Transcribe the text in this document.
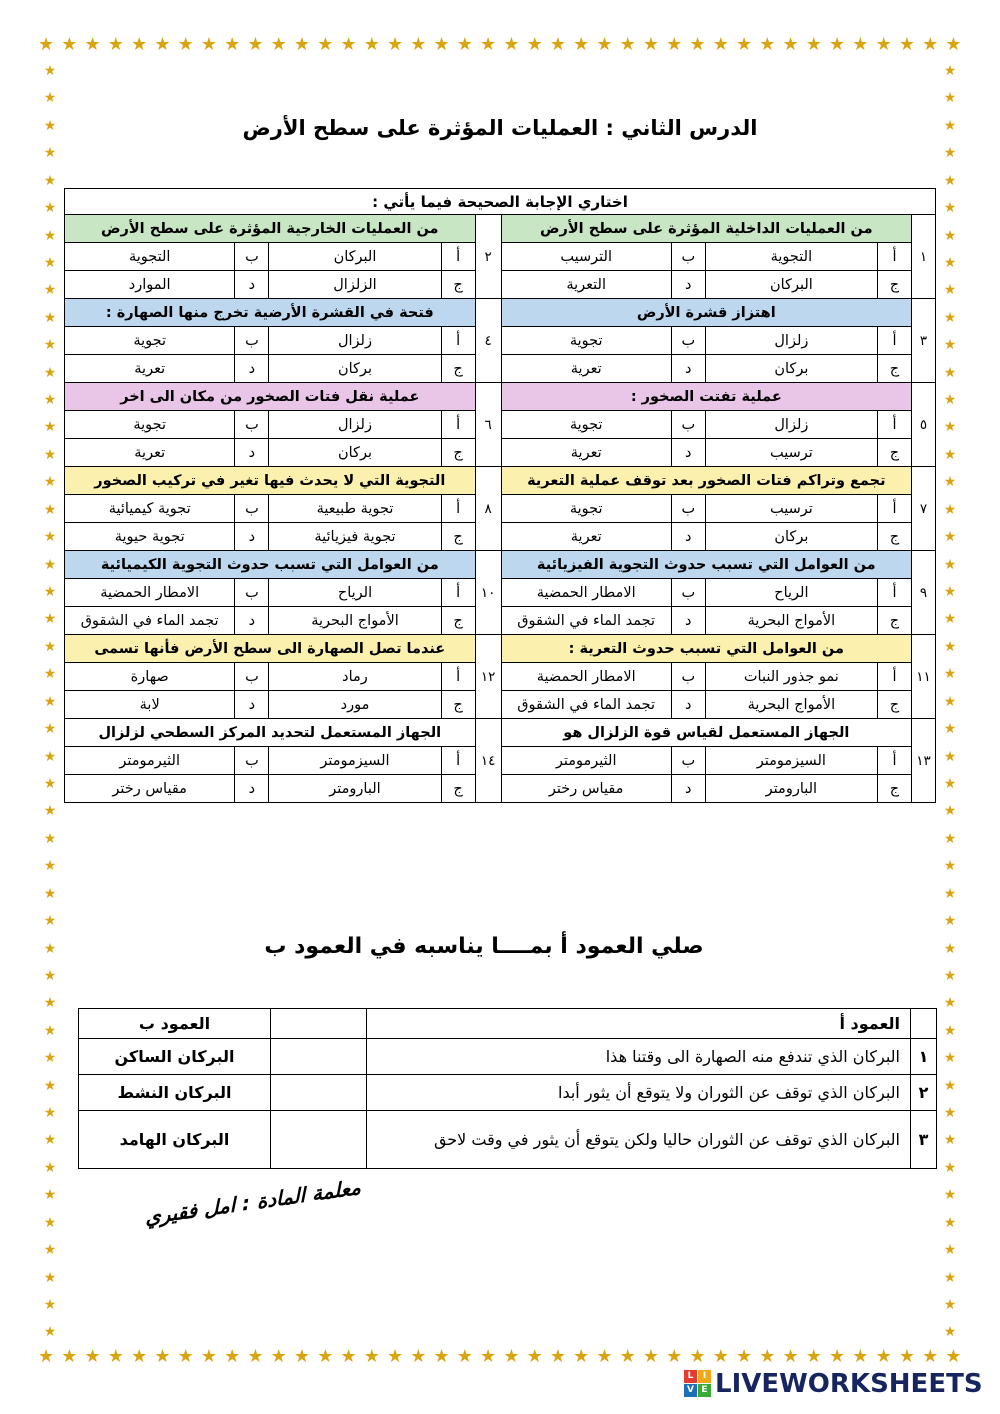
★ ★ ★ ★ ★ ★ ★ ★ ★ ★ ★ ★ ★ ★ ★ ★ ★ ★ ★ ★ ★ ★ ★ ★ ★ ★ ★ ★ ★ ★ ★ ★ ★ ★ ★ ★ ★ ★ ★ ★
★ ★ ★ ★ ★ ★ ★ ★ ★ ★ ★ ★ ★ ★ ★ ★ ★ ★ ★ ★ ★ ★ ★ ★ ★ ★ ★ ★ ★ ★ ★ ★ ★ ★ ★ ★ ★ ★ ★ ★
★
★
★
★
★
★
★
★
★
★
★
★
★
★
★
★
★
★
★
★
★
★
★
★
★
★
★
★
★
★
★
★
★
★
★
★
★
★
★
★
★
★
★
★
★
★
★
★
★
★
★
★
★
★
★
★
★
★
★
★
★
★
★
★
★
★
★
★
★
★
★
★
★
★
★
★
★
★
★
★
★
★
★
★
★
★
★
★
★
★
★
★
★
★
الدرس الثاني : العمليات المؤثرة على سطح الأرض
اختاري الإجابة الصحيحة فيما يأتي :									
١	من العمليات الداخلية المؤثرة على سطح الأرض				٢	من العمليات الخارجية المؤثرة على سطح الأرض			
	أ	التجوية	ب	الترسيب		أ	البركان	ب	التجوية
	ج	البركان	د	التعرية		ج	الزلزال	د	الموارد
٣	اهتزاز قشرة الأرض				٤	فتحة في القشرة الأرضية تخرج منها الصهارة :			
	أ	زلزال	ب	تجوية		أ	زلزال	ب	تجوية
	ج	بركان	د	تعرية		ج	بركان	د	تعرية
٥	عملية تفتت الصخور :				٦	عملية نقل فتات الصخور من مكان الى اخر			
	أ	زلزال	ب	تجوية		أ	زلزال	ب	تجوية
	ج	ترسيب	د	تعرية		ج	بركان	د	تعرية
٧	تجمع وتراكم فتات الصخور بعد توقف عملية التعرية				٨	التجوية التي لا يحدث فيها تغير في تركيب الصخور			
	أ	ترسيب	ب	تجوية		أ	تجوية طبيعية	ب	تجوية كيميائية
	ج	بركان	د	تعرية		ج	تجوية فيزيائية	د	تجوية حيوية
٩	من العوامل التي تسبب حدوث التجوية الفيزيائية				١٠	من العوامل التي تسبب حدوث التجوية الكيميائية			
	أ	الرياح	ب	الامطار الحمضية		أ	الرياح	ب	الامطار الحمضية
	ج	الأمواج البحرية	د	تجمد الماء في الشقوق		ج	الأمواج البحرية	د	تجمد الماء في الشقوق
١١	من العوامل التي تسبب حدوث التعرية :				١٢	عندما تصل الصهارة الى سطح الأرض فأنها تسمى			
	أ	نمو جذور النبات	ب	الامطار الحمضية		أ	رماد	ب	صهارة
	ج	الأمواج البحرية	د	تجمد الماء في الشقوق		ج	مورد	د	لابة
١٣	الجهاز المستعمل لقياس قوة الزلزال هو				١٤	الجهاز المستعمل لتحديد المركز السطحي لزلزال			
	أ	السيزمومتر	ب	الثيرمومتر		أ	السيزمومتر	ب	الثيرمومتر
	ج	البارومتر	د	مقياس رختر		ج	البارومتر	د	مقياس رختر
صلي العمود أ بمــــا يناسبه في العمود ب
	العمود أ		العمود ب
١	البركان الذي تندفع منه الصهارة الى وقتنا هذا		البركان الساكن
٢	البركان الذي توقف عن الثوران ولا يتوقع أن يثور أبدا		البركان النشط
٣	البركان الذي توقف عن الثوران حاليا ولكن يتوقع أن يثور في وقت لاحق		البركان الهامد
معلمة المادة : امل فقيري
L	I
V E LIVEWORKSHEETS
